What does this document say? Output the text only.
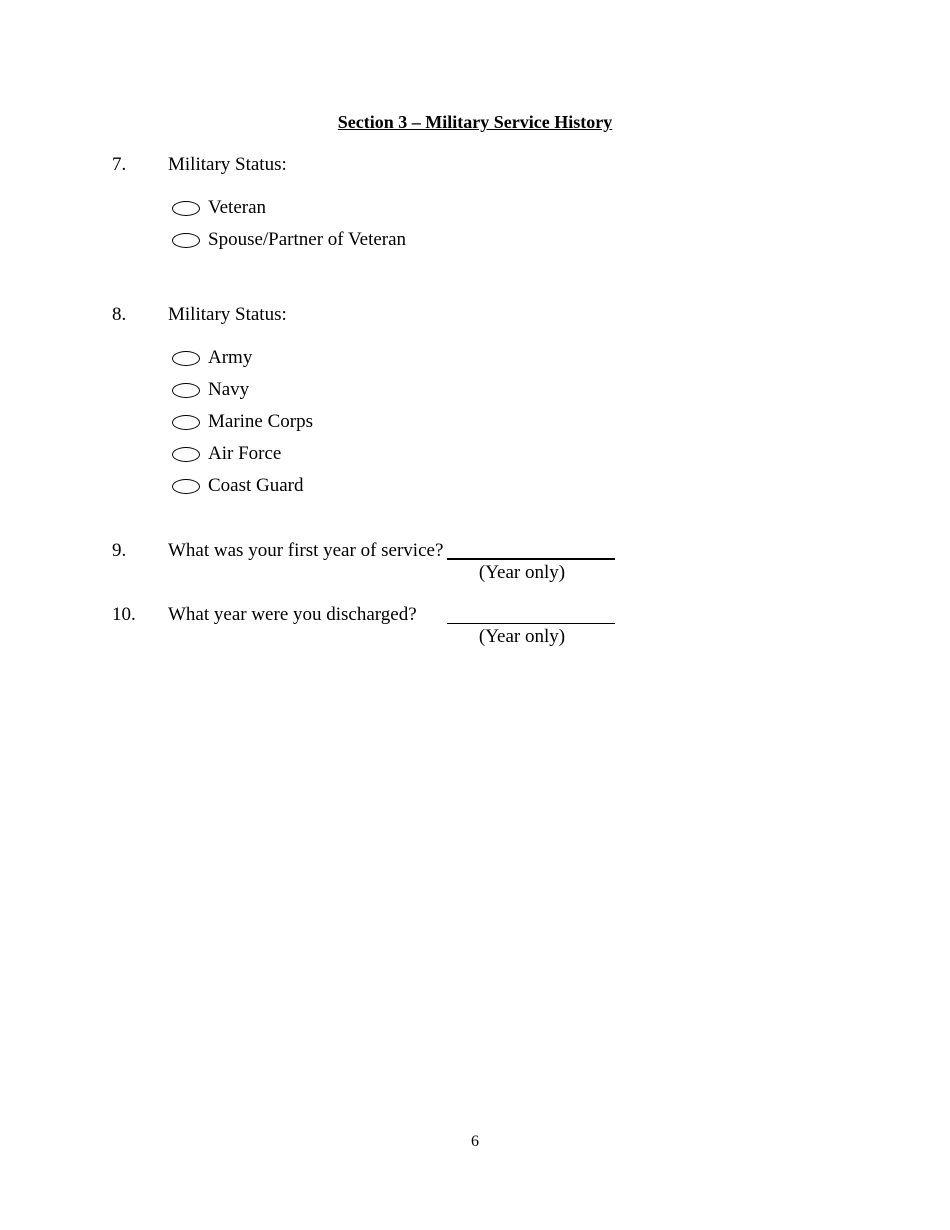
Section 3 – Military Service History
7. Military Status:
Veteran
Spouse/Partner of Veteran
8. Military Status:
Army
Navy
Marine Corps
Air Force
Coast Guard
9. What was your first year of service?
(Year only)
10. What year were you discharged?
(Year only)
6
